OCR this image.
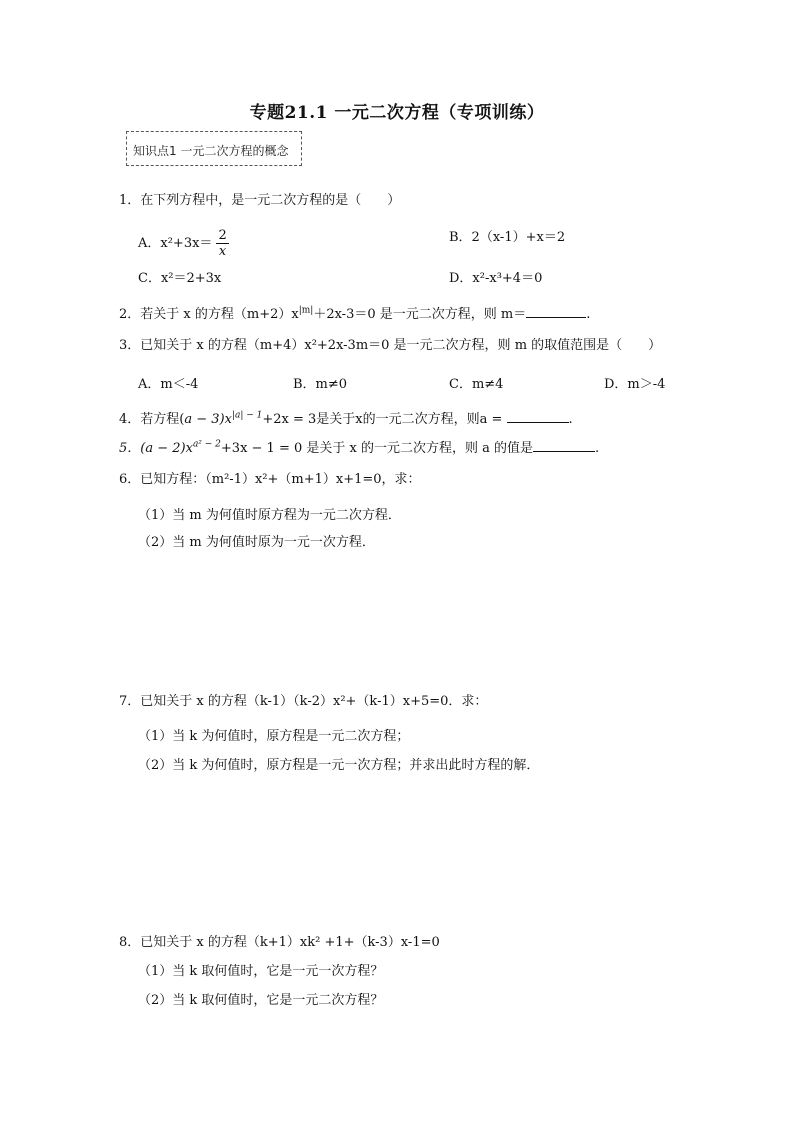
专题21.1 一元二次方程（专项训练）
知识点1 一元二次方程的概念
1．在下列方程中，是一元二次方程的是（　　）
A．$x^2+3x= \frac{2}{x}$	B．2（x-1）+x＝2
C．x²＝2+3x	D．x²-x³+4＝0
2．若关于 x 的方程$(m+2)x^{|m|}+2x-3=0$ 是一元二次方程，则 m＝	.
3．已知关于 x 的方程（m+4）x²+2x-3m＝0 是一元二次方程，则 m 的取值范围是（　　）
A．m＜-4	B．m≠0	C．m≠4	D．m＞-4
4．若方程$(a - 3)x^{|a| - 1}+2x = 3$是关于x的一元二次方程，则a =	.
5．$(a - 2)x^{a^2 - 2}+3x - 1 = 0$ 是关于 x 的一元二次方程，则 a 的值是	.
6．已知方程：（m²-1）x²+（m+1）x+1=0，求：
（1）当 m 为何值时原方程为一元二次方程．
（2）当 m 为何值时原为一元一次方程．
7．已知关于 x 的方程（k-1）（k-2）x²+（k-1）x+5=0．求：
（1）当 k 为何值时，原方程是一元二次方程；
（2）当 k 为何值时，原方程是一元一次方程；并求出此时方程的解．
8．已知关于 x 的方程（k+1）xk² +1+（k-3）x-1=0
（1）当 k 取何值时，它是一元一次方程？
（2）当 k 取何值时，它是一元二次方程？
